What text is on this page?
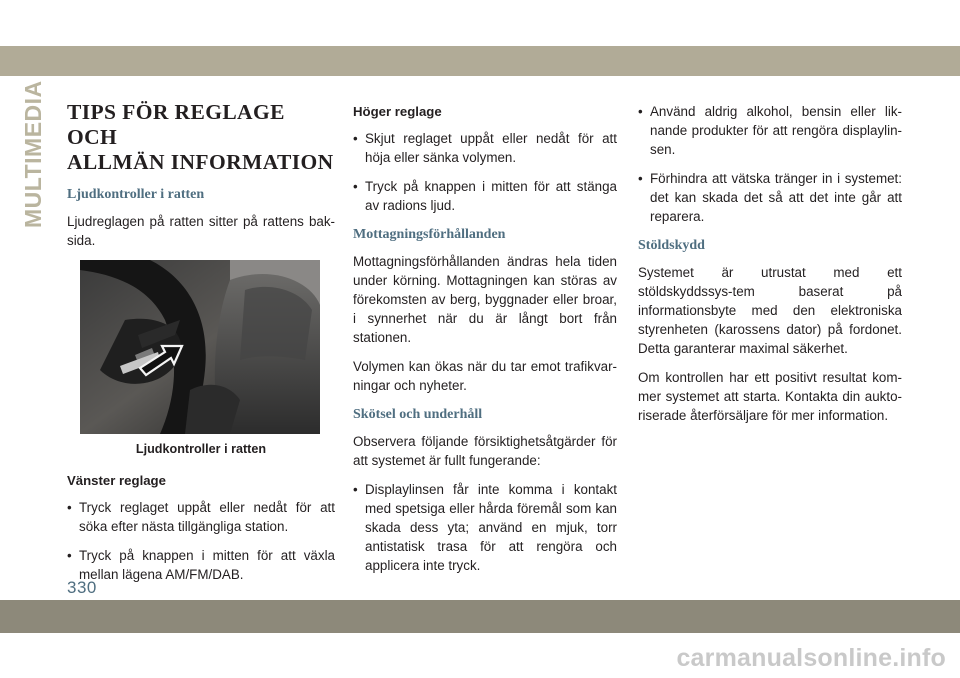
MULTIMEDIA TIPS FÖR REGLAGE OCH
ALLMÄN INFORMATION
Ljudkontroller i ratten

Ljudreglagen på ratten sitter på rattens bak-sida.

Ljudkontroller i ratten
Vänster reglage
• Tryck reglaget uppåt eller nedåt för att söka efter nästa tillgängliga station.
• Tryck på knappen i mitten för att växla mellan lägena AM/FM/DAB.
Höger reglage
• Skjut reglaget uppåt eller nedåt för att höja eller sänka volymen.
• Tryck på knappen i mitten för att stänga av radions ljud.
Mottagningsförhållanden

Mottagningsförhållanden ändras hela tiden under körning. Mottagningen kan störas av förekomsten av berg, byggnader eller broar, i synnerhet när du är långt bort från stationen.

Volymen kan ökas när du tar emot trafikvar-ningar och nyheter.

Skötsel och underhåll

Observera följande försiktighetsåtgärder för att systemet är fullt fungerande:

• Displaylinsen får inte komma i kontakt med spetsiga eller hårda föremål som kan skada dess yta; använd en mjuk, torr antistatisk trasa för att rengöra och applicera inte tryck.
• Använd aldrig alkohol, bensin eller lik-nande produkter för att rengöra displaylin-sen.
• Förhindra att vätska tränger in i systemet: det kan skada det så att det inte går att reparera.
Stöldskydd

Systemet är utrustat med ett stöldskyddssys-tem baserat på informationsbyte med den elektroniska styrenheten (karossens dator) på fordonet. Detta garanterar maximal säkerhet.

Om kontrollen har ett positivt resultat kom-mer systemet att starta. Kontakta din aukto-riserade återförsäljare för mer information.

330
carmanualsonline.info
